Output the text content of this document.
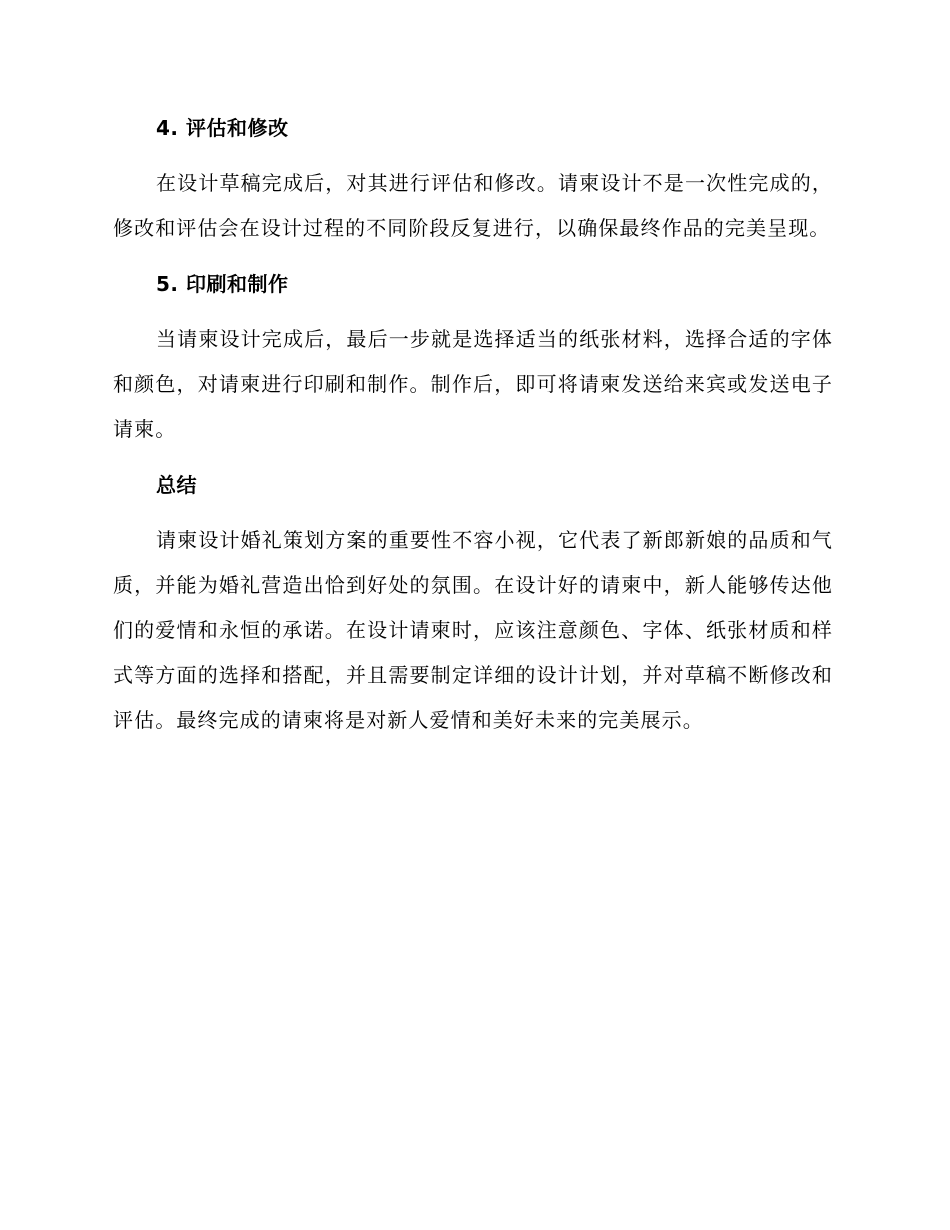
4. 评估和修改

在设计草稿完成后，对其进行评估和修改。请柬设计不是一次性完成的，修改和评估会在设计过程的不同阶段反复进行，以确保最终作品的完美呈现。

5. 印刷和制作

当请柬设计完成后，最后一步就是选择适当的纸张材料，选择合适的字体和颜色，对请柬进行印刷和制作。制作后，即可将请柬发送给来宾或发送电子请柬。

总结

请柬设计婚礼策划方案的重要性不容小视，它代表了新郎新娘的品质和气质，并能为婚礼营造出恰到好处的氛围。在设计好的请柬中，新人能够传达他们的爱情和永恒的承诺。在设计请柬时，应该注意颜色、字体、纸张材质和样式等方面的选择和搭配，并且需要制定详细的设计计划，并对草稿不断修改和评估。最终完成的请柬将是对新人爱情和美好未来的完美展示。
